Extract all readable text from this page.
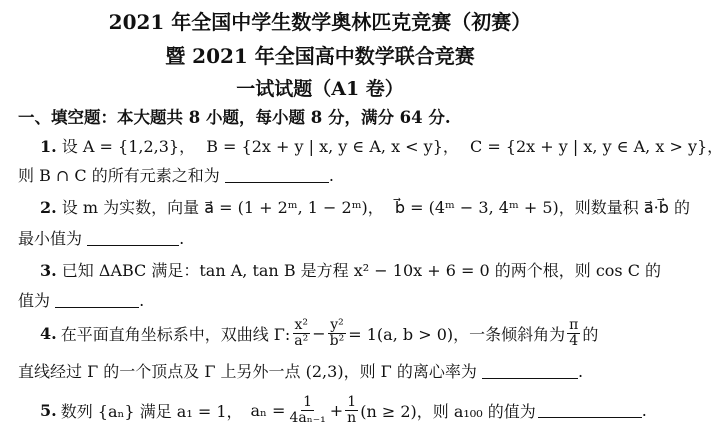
2021 年全国中学生数学奥林匹克竞赛（初赛）
暨 2021 年全国高中数学联合竞赛
一试试题（A1 卷）
一、填空题：本大题共 8 小题，每小题 8 分，满分 64 分.
1. 设 A = {1,2,3}， B = {2x + y | x, y ∈ A, x < y}， C = {2x + y | x, y ∈ A, x > y}，
则 B ∩ C 的所有元素之和为	.
2. 设 m 为实数，向量 a⃗ = (1 + 2ᵐ, 1 − 2ᵐ)， b⃗ = (4ᵐ − 3, 4ᵐ + 5)，则数量积 a⃗·b⃗ 的
最小值为	.
3. 已知 ΔABC 满足：tan A, tan B 是方程 x² − 10x + 6 = 0 的两个根，则 cos C 的
值为	.
4. 在平面直角坐标系中，双曲线 Γ: $\frac{\text{x²}}{\text{a²}} - \frac{\text{y²}}{\text{b²}} = 1(a$, b > 0)，一条倾斜角为 $\frac{\pi}{4}$ 的
直线经过 Γ 的一个顶点及 Γ 上另外一点 (2,3)，则 Γ 的离心率为	.
5. 数列 {aₙ} 满足 a₁ = 1， $a_n = \frac{1}{\text{4aₙ₋₁}} + \frac{1}{n} (n \ge 2)$，则 a₁₀₀ 的值为	.
